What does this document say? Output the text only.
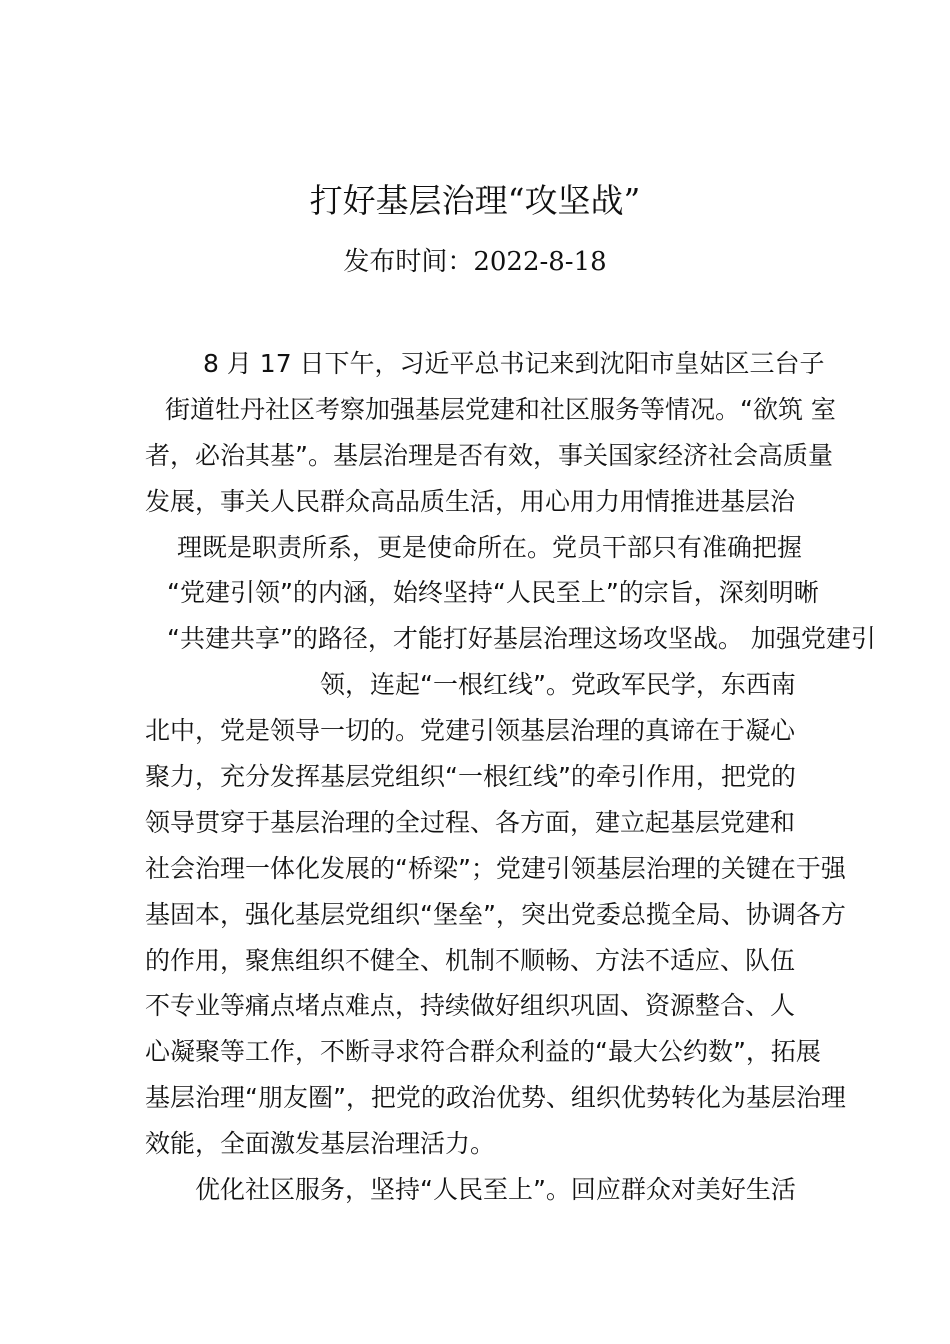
打好基层治理“攻坚战”
发布时间：2022-8-18
8 月 17 日下午，习近平总书记来到沈阳市皇姑区三台子
街道牡丹社区考察加强基层党建和社区服务等情况。“欲筑 室
者，必治其基”。基层治理是否有效，事关国家经济社会高质量
发展，事关人民群众高品质生活，用心用力用情推进基层治
理既是职责所系，更是使命所在。党员干部只有准确把握
“党建引领”的内涵，始终坚持“人民至上”的宗旨，深刻明晰
“共建共享”的路径，才能打好基层治理这场攻坚战。 加强党建引
领，连起“一根红线”。党政军民学，东西南
北中，党是领导一切的。党建引领基层治理的真谛在于凝心
聚力，充分发挥基层党组织“一根红线”的牵引作用，把党的
领导贯穿于基层治理的全过程、各方面，建立起基层党建和
社会治理一体化发展的“桥梁”；党建引领基层治理的关键在于强
基固本，强化基层党组织“堡垒”，突出党委总揽全局、协调各方
的作用，聚焦组织不健全、机制不顺畅、方法不适应、队伍
不专业等痛点堵点难点，持续做好组织巩固、资源整合、人
心凝聚等工作，不断寻求符合群众利益的“最大公约数”，拓展
基层治理“朋友圈”，把党的政治优势、组织优势转化为基层治理
效能，全面激发基层治理活力。
优化社区服务，坚持“人民至上”。回应群众对美好生活
